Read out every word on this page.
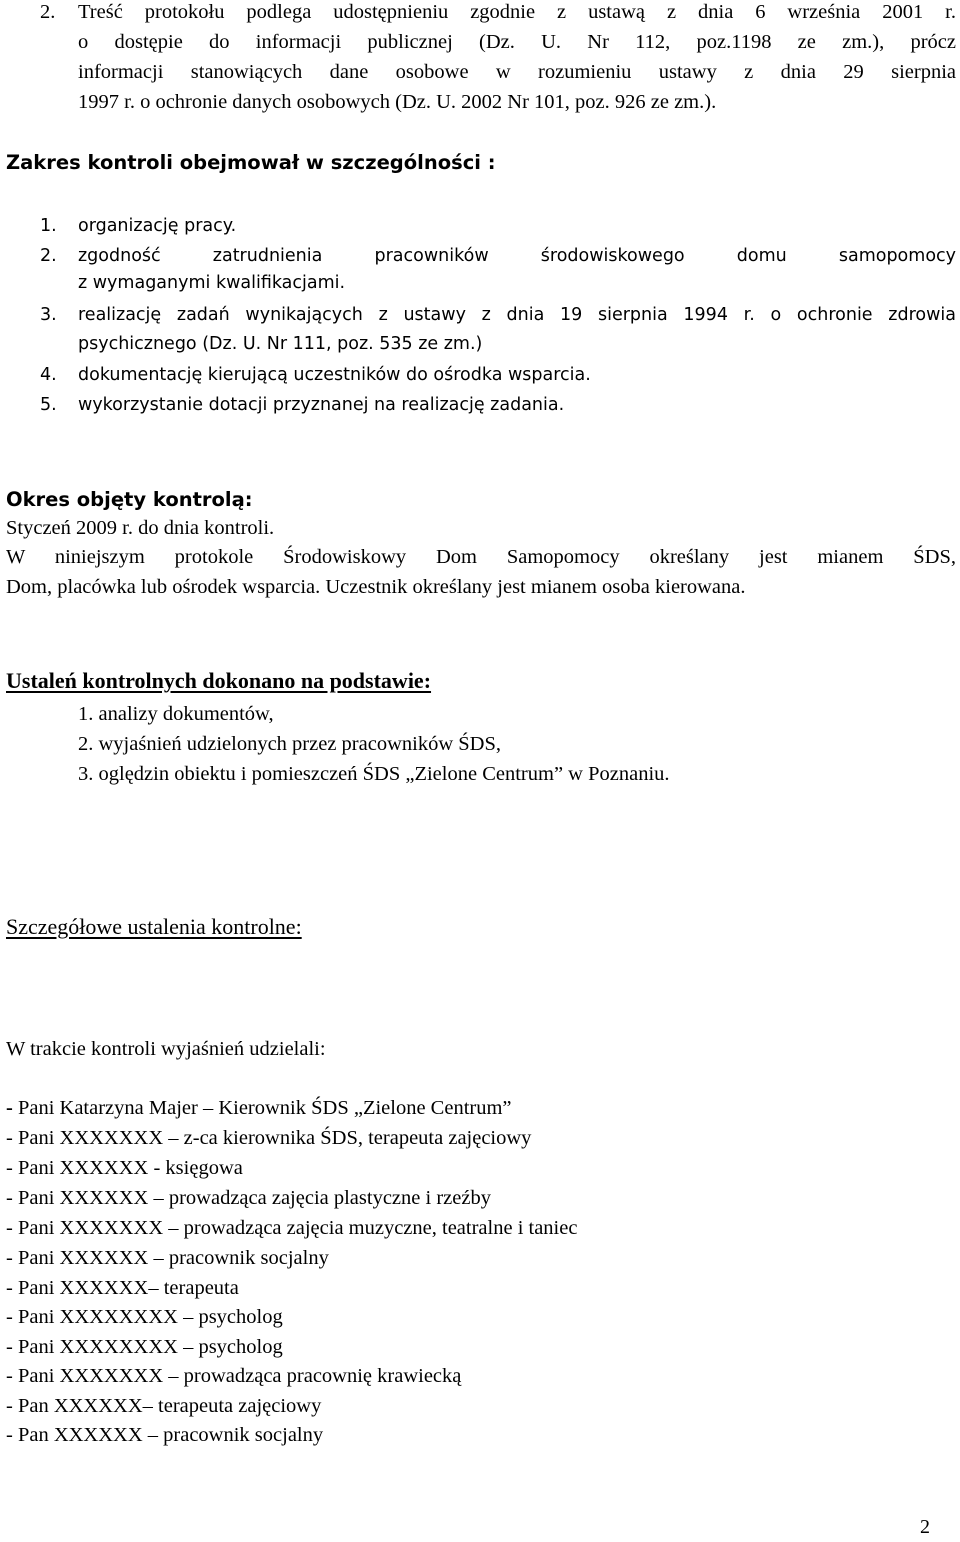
2. Treść protokołu podlega udostępnieniu zgodnie z ustawą z dnia 6 września 2001 r.
o dostępie do informacji publicznej (Dz. U. Nr 112, poz.1198 ze zm.), prócz
informacji stanowiących dane osobowe w rozumieniu ustawy z dnia 29 sierpnia
1997 r. o ochronie danych osobowych (Dz. U. 2002 Nr 101, poz. 926 ze zm.).
Zakres kontroli obejmował w szczególności :
1. organizację pracy.
2. zgodność zatrudnienia pracowników środowiskowego domu samopomocy
z wymaganymi kwalifikacjami.
3. realizację zadań wynikających z ustawy z dnia 19 sierpnia 1994 r. o ochronie zdrowia
psychicznego (Dz. U. Nr 111, poz. 535 ze zm.)
4. dokumentację kierującą uczestników do ośrodka wsparcia.
5. wykorzystanie dotacji przyznanej na realizację zadania.
Okres objęty kontrolą:
Styczeń 2009 r. do dnia kontroli.
W niniejszym protokole Środowiskowy Dom Samopomocy określany jest mianem ŚDS,
Dom, placówka lub ośrodek wsparcia. Uczestnik określany jest mianem osoba kierowana.
Ustaleń kontrolnych dokonano na podstawie:
1. analizy dokumentów,
2. wyjaśnień udzielonych przez pracowników ŚDS,
3. oględzin obiektu i pomieszczeń ŚDS „Zielone Centrum” w Poznaniu.
Szczegółowe ustalenia kontrolne:
W trakcie kontroli wyjaśnień udzielali:
- Pani Katarzyna Majer – Kierownik ŚDS „Zielone Centrum”
- Pani XXXXXXX – z-ca kierownika ŚDS, terapeuta zajęciowy
- Pani XXXXXX - księgowa
- Pani XXXXXX – prowadząca zajęcia plastyczne i rzeźby
- Pani XXXXXXX – prowadząca zajęcia muzyczne, teatralne i taniec
- Pani XXXXXX – pracownik socjalny
- Pani XXXXXX– terapeuta
- Pani XXXXXXXX – psycholog
- Pani XXXXXXXX – psycholog
- Pani XXXXXXX – prowadząca pracownię krawiecką
- Pan XXXXXX– terapeuta zajęciowy
- Pan XXXXXX – pracownik socjalny
2
